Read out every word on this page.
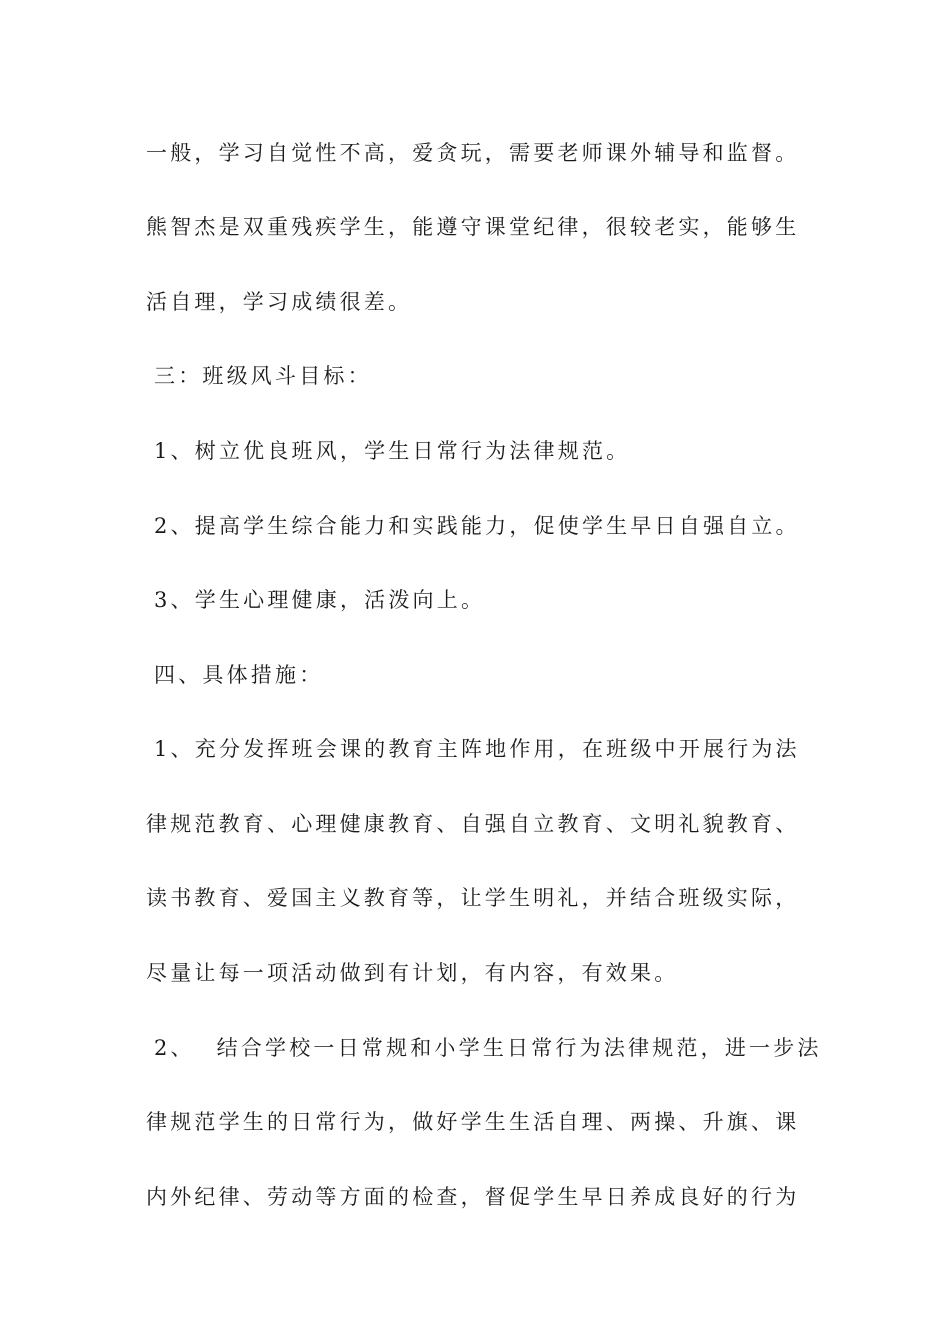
一般，学习自觉性不高，爱贪玩，需要老师课外辅导和监督。
熊智杰是双重残疾学生，能遵守课堂纪律，很较老实，能够生
活自理，学习成绩很差。
三：班级风斗目标：
1、树立优良班风，学生日常行为法律规范。
2、提高学生综合能力和实践能力，促使学生早日自强自立。
3、学生心理健康，活泼向上。
四、具体措施：
1、充分发挥班会课的教育主阵地作用，在班级中开展行为法
律规范教育、心理健康教育、自强自立教育、文明礼貌教育、
读书教育、爱国主义教育等，让学生明礼，并结合班级实际，
尽量让每一项活动做到有计划，有内容，有效果。
2、 结合学校一日常规和小学生日常行为法律规范，进一步法
律规范学生的日常行为，做好学生生活自理、两操、升旗、课
内外纪律、劳动等方面的检查，督促学生早日养成良好的行为
